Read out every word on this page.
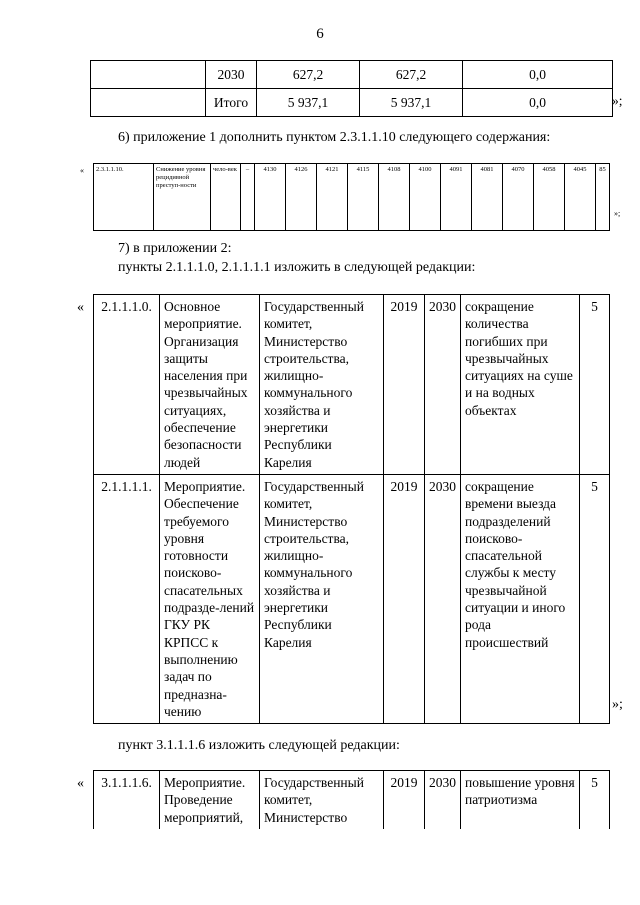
6
	2030	627,2	627,2	0,0
	Итого	5 937,1	5 937,1	0,0	»;
6) приложение 1 дополнить пунктом 2.3.1.1.10 следующего содержания:
« 2.3.1.1.10.	Снижение уровня рецидивной преступ-ности	чело-век	–	4130	4126	4121	4115	4108	4100	4091	4081	4070	4058	4045	85
»;
7) в приложении 2:
пункты 2.1.1.1.0, 2.1.1.1.1 изложить в следующей редакции:
« 2.1.1.1.0.	Основное мероприятие. Организация защиты населения при чрезвычайных ситуациях, обеспечение безопасности людей	Государственный комитет, Министерство строительства, жилищно-коммунального хозяйства и энергетики Республики Карелия	2019	2030	сокращение количества погибших при чрезвычайных ситуациях на суше и на водных объектах	5
2.1.1.1.1.	Мероприятие. Обеспечение требуемого уровня готовности поисково-спасательных подразде-лений ГКУ РК КРПСС к выполнению задач по предназна-чению	Государственный комитет, Министерство строительства, жилищно-коммунального хозяйства и энергетики Республики Карелия	2019	2030	сокращение времени выезда подразделений поисково-спасательной службы к месту чрезвычайной ситуации и иного рода происшествий	5
»;
пункт 3.1.1.1.6 изложить следующей редакции:
« 3.1.1.1.6.	Мероприятие. Проведение мероприятий,	Государственный комитет, Министерство	2019	2030	повышение уровня патриотизма	5
